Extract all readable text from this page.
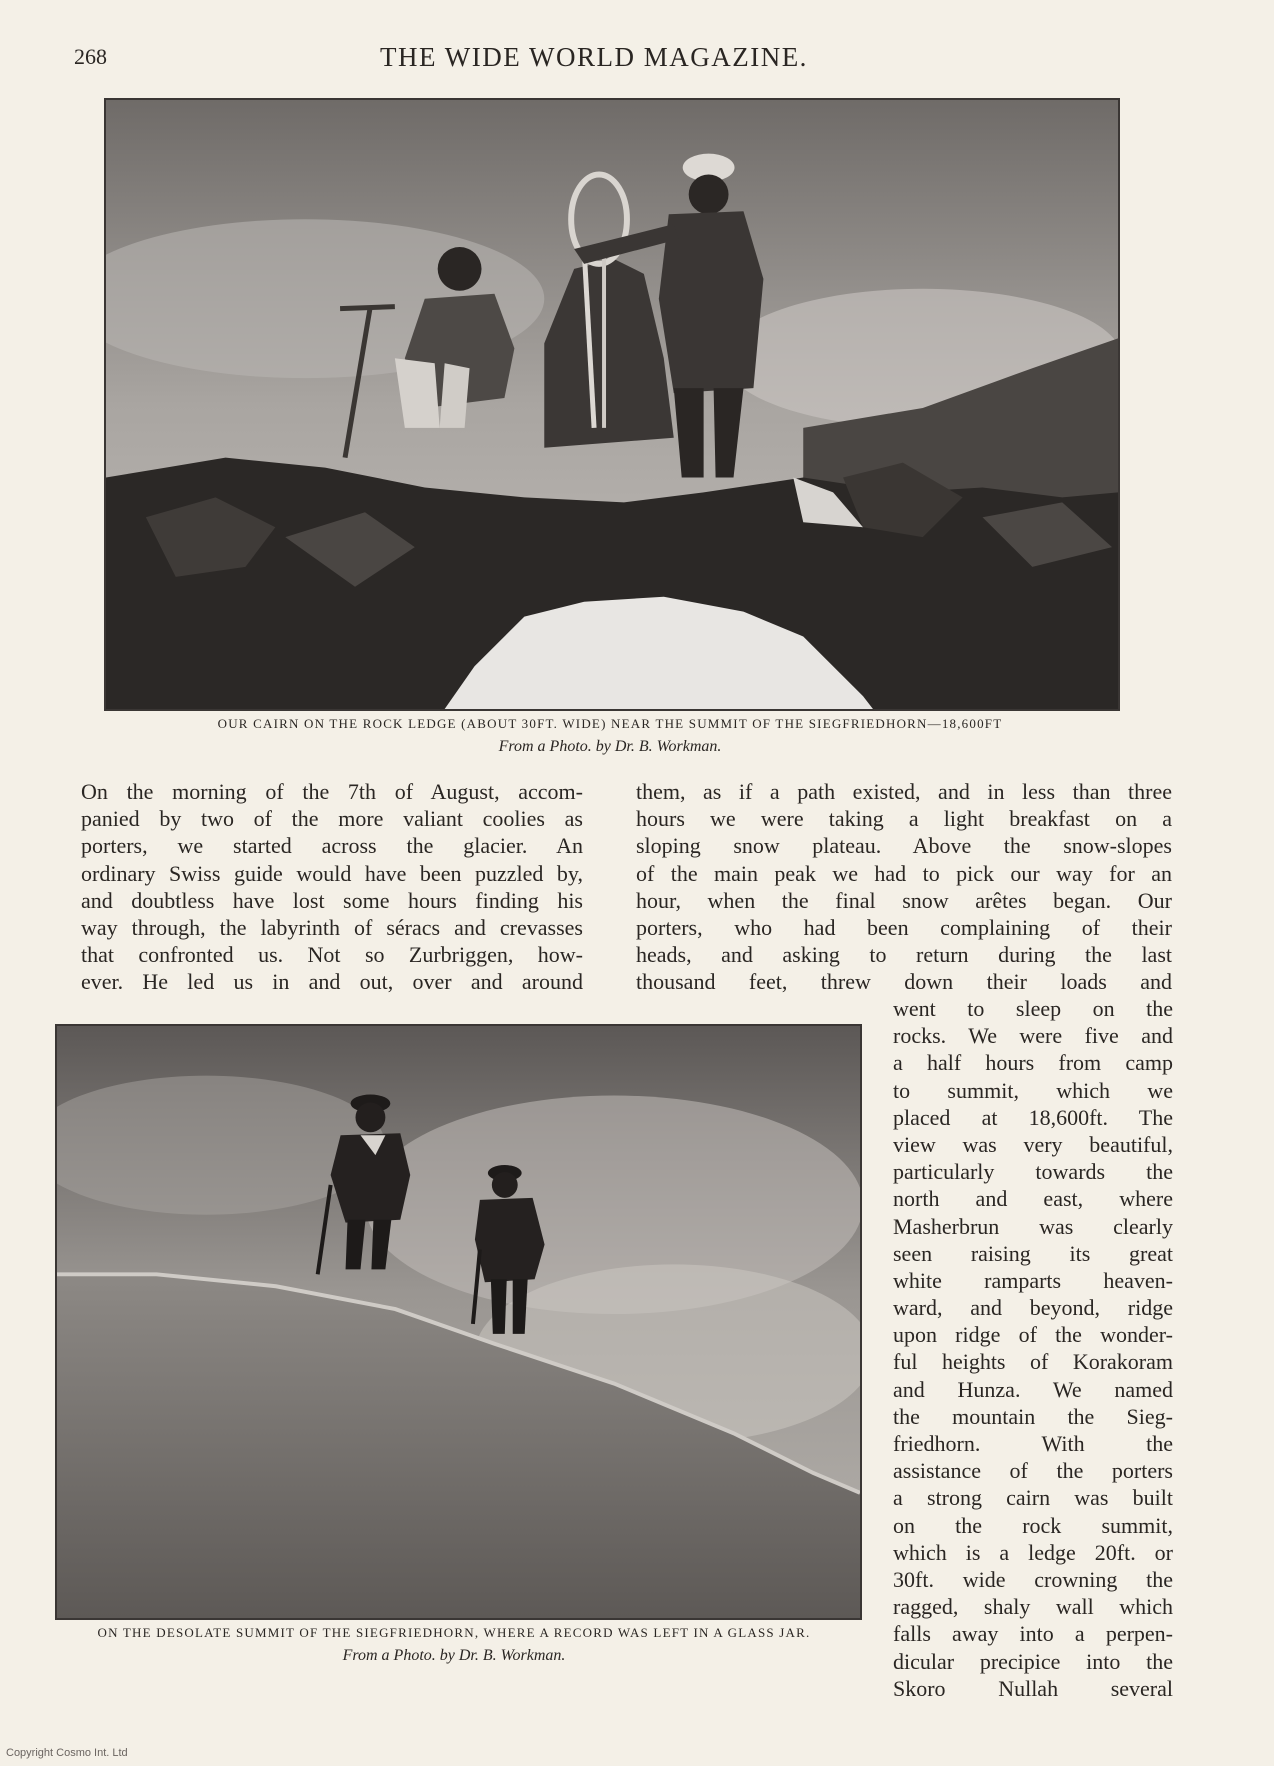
268	THE WIDE WORLD MAGAZINE.
OUR CAIRN ON THE ROCK LEDGE (ABOUT 30FT. WIDE) NEAR THE SUMMIT OF THE SIEGFRIEDHORN—18,600FT
From a Photo. by Dr. B. Workman.
On the morning of the 7th of August, accom-
panied by two of the more valiant coolies as
porters, we started across the glacier. An
ordinary Swiss guide would have been puzzled by,
and doubtless have lost some hours finding his
way through, the labyrinth of séracs and crevasses
that confronted us. Not so Zurbriggen, how-
ever. He led us in and out, over and around
them, as if a path existed, and in less than three
hours we were taking a light breakfast on a
sloping snow plateau. Above the snow-slopes
of the main peak we had to pick our way for an
hour, when the final snow arêtes began. Our
porters, who had been complaining of their
heads, and asking to return during the last
thousand feet, threw down their loads and
ON THE DESOLATE SUMMIT OF THE SIEGFRIEDHORN, WHERE A RECORD WAS LEFT IN A GLASS JAR.
From a Photo. by Dr. B. Workman.
went to sleep on the
rocks. We were five and
a half hours from camp
to summit, which we
placed at 18,600ft. The
view was very beautiful,
particularly towards the
north and east, where
Masherbrun was clearly
seen raising its great
white ramparts heaven-
ward, and beyond, ridge
upon ridge of the wonder-
ful heights of Korakoram
and Hunza. We named
the mountain the Sieg-
friedhorn. With the
assistance of the porters
a strong cairn was built
on the rock summit,
which is a ledge 20ft. or
30ft. wide crowning the
ragged, shaly wall which
falls away into a perpen-
dicular precipice into the
Skoro Nullah several
Copyright Cosmo Int. Ltd
